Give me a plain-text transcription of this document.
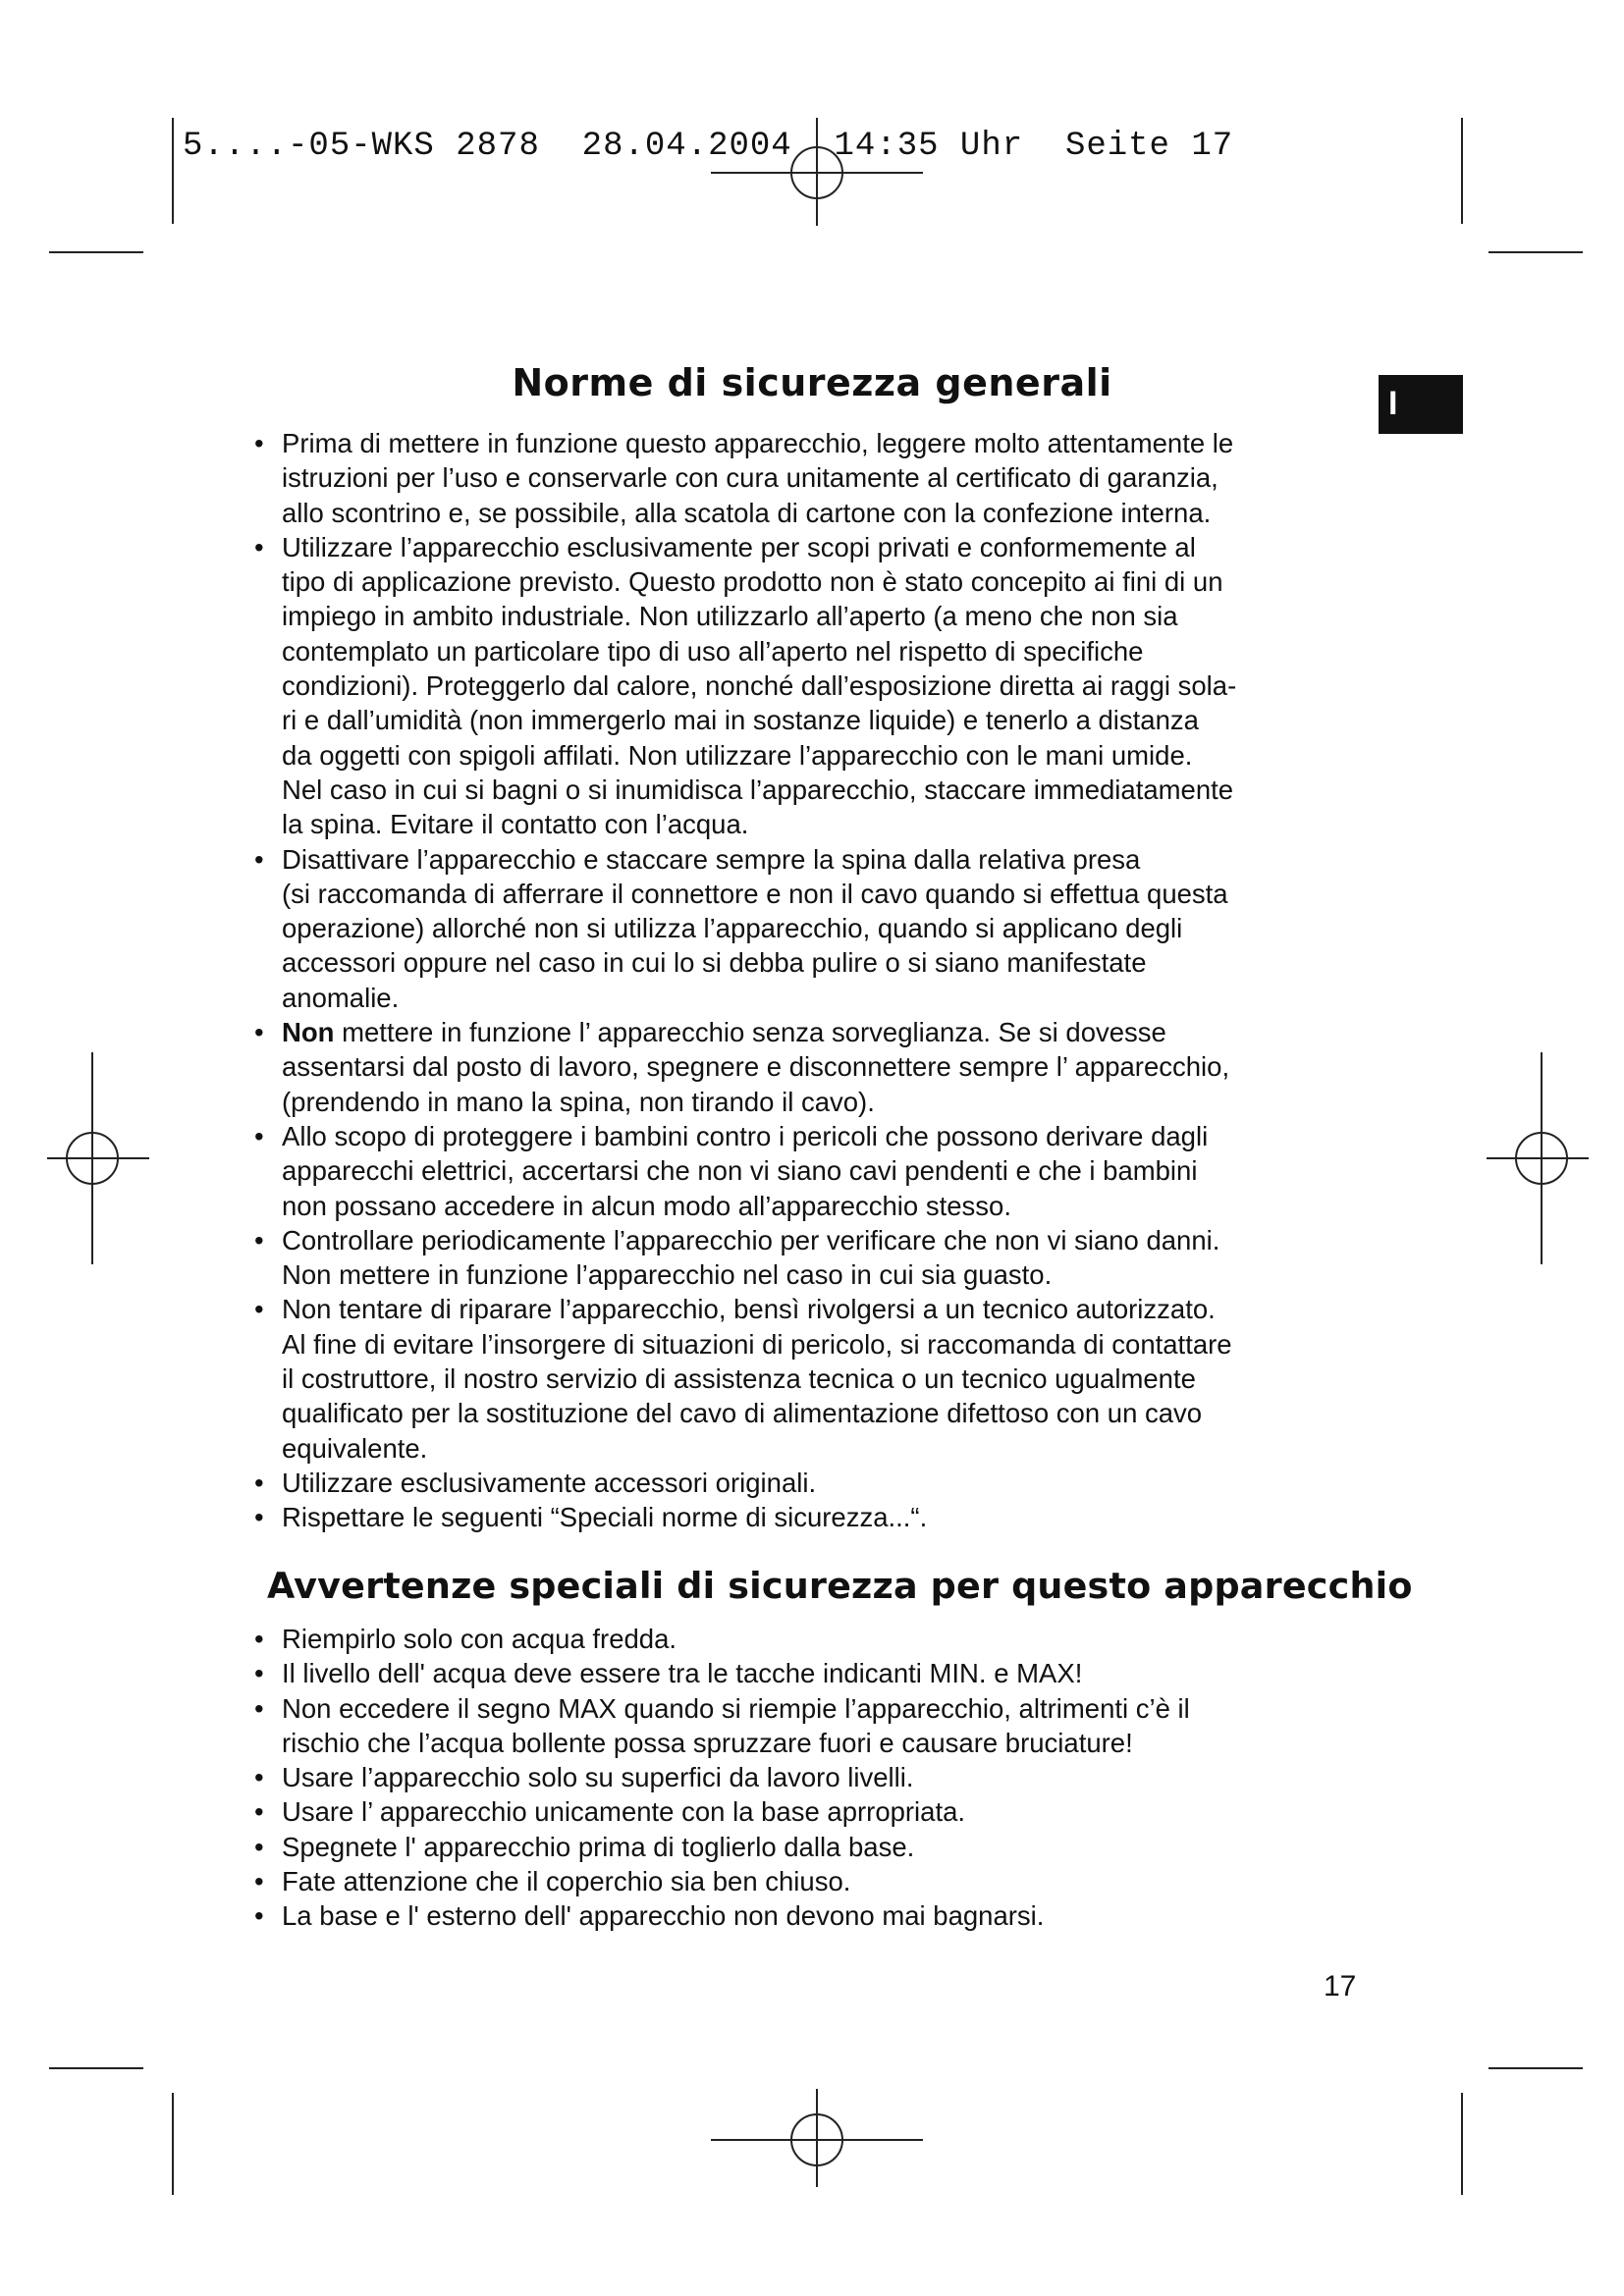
5....-05-WKS 2878  28.04.2004  14:35 Uhr  Seite 17
I
Norme di sicurezza generali
• Prima di mettere in funzione questo apparecchio, leggere molto attentamente le
istruzioni per l’uso e conservarle con cura unitamente al certificato di garanzia,
allo scontrino e, se possibile, alla scatola di cartone con la confezione interna.
• Utilizzare l’apparecchio esclusivamente per scopi privati e conformemente al
tipo di applicazione previsto. Questo prodotto non è stato concepito ai fini di un
impiego in ambito industriale. Non utilizzarlo all’aperto (a meno che non sia
contemplato un particolare tipo di uso all’aperto nel rispetto di specifiche
condizioni). Proteggerlo dal calore, nonché dall’esposizione diretta ai raggi sola-
ri e dall’umidità (non immergerlo mai in sostanze liquide) e tenerlo a distanza
da oggetti con spigoli affilati. Non utilizzare l’apparecchio con le mani umide.
Nel caso in cui si bagni o si inumidisca l’apparecchio, staccare immediatamente
la spina. Evitare il contatto con l’acqua.
• Disattivare l’apparecchio e staccare sempre la spina dalla relativa presa
(si raccomanda di afferrare il connettore e non il cavo quando si effettua questa
operazione) allorché non si utilizza l’apparecchio, quando si applicano degli
accessori oppure nel caso in cui lo si debba pulire o si siano manifestate
anomalie.
• Non mettere in funzione l’ apparecchio senza sorveglianza. Se si dovesse
assentarsi dal posto di lavoro, spegnere e disconnettere sempre l’ apparecchio,
(prendendo in mano la spina, non tirando il cavo).
• Allo scopo di proteggere i bambini contro i pericoli che possono derivare dagli
apparecchi elettrici, accertarsi che non vi siano cavi pendenti e che i bambini
non possano accedere in alcun modo all’apparecchio stesso.
• Controllare periodicamente l’apparecchio per verificare che non vi siano danni.
Non mettere in funzione l’apparecchio nel caso in cui sia guasto.
• Non tentare di riparare l’apparecchio, bensì rivolgersi a un tecnico autorizzato.
Al fine di evitare l’insorgere di situazioni di pericolo, si raccomanda di contattare
il costruttore, il nostro servizio di assistenza tecnica o un tecnico ugualmente
qualificato per la sostituzione del cavo di alimentazione difettoso con un cavo
equivalente.
• Utilizzare esclusivamente accessori originali.
• Rispettare le seguenti “Speciali norme di sicurezza...“.
Avvertenze speciali di sicurezza per questo apparecchio
• Riempirlo solo con acqua fredda.
• Il livello dell' acqua deve essere tra le tacche indicanti MIN. e MAX!
• Non eccedere il segno MAX quando si riempie l’apparecchio, altrimenti c’è il
rischio che l’acqua bollente possa spruzzare fuori e causare bruciature!
• Usare l’apparecchio solo su superfici da lavoro livelli.
• Usare l’ apparecchio unicamente con la base aprropriata.
• Spegnete l' apparecchio prima di toglierlo dalla base.
• Fate attenzione che il coperchio sia ben chiuso.
• La base e l' esterno dell' apparecchio non devono mai bagnarsi.
17
